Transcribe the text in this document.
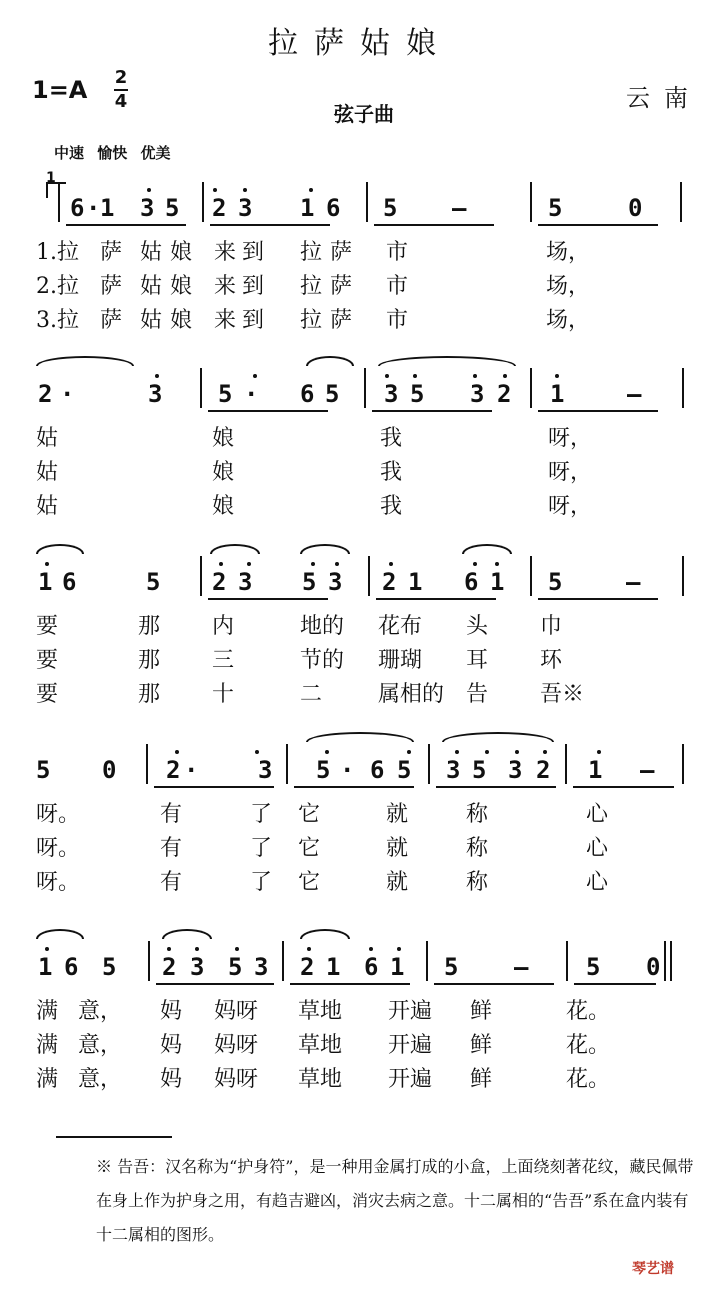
拉萨姑娘
1=A 2
4
弦子曲
云南
中速 愉快 优美
1
6 · 1 3 5 2 3 1 6 5 –	5	0
1.拉 萨 姑 娘 来 到 拉 萨 市	场，
2.拉 萨 姑 娘 来 到 拉 萨 市	场，
3.拉 萨 姑 娘 来 到 拉 萨 市	场，
2 ·	3 5 · 6 5 3 5 3 2 1	–
姑	娘	我	呀，
姑	娘	我	呀，
姑	娘	我	呀，
1 6	5 2 3 5 3 2 1 6 1 5	–
要	那 内	地的 花布 头 巾
要	那 三	节的 珊瑚 耳 环
要	那 十	二	属相的 告 吾※
5 0 2 · 3 5 · 6 5 3 5 3 2 1 –
呀。	有	了 它	就	称	心
呀。	有	了 它	就	称	心
呀。	有	了 它	就	称	心
1 6 5 2 3 5 3 2 1 6 1 5 – 5 0
满 意， 妈 妈呀 草地 开遍 鲜	花。
满 意， 妈 妈呀 草地 开遍 鲜	花。
满 意， 妈 妈呀 草地 开遍 鲜	花。
※ 告吾：汉名称为“护身符”，是一种用金属打成的小盒，上面绕刻著花纹，藏民佩带在身上作为护身之用，有趋吉避凶，消灾去病之意。十二属相的“告吾”系在盒内装有十二属相的图形。
琴艺谱
